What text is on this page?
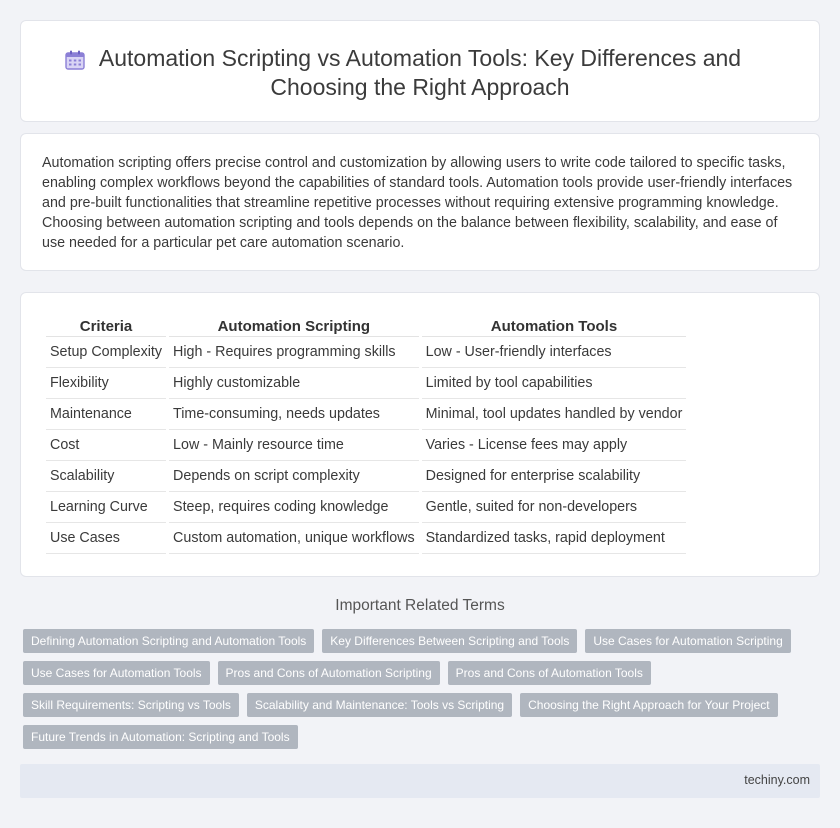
Automation Scripting vs Automation Tools: Key Differences and Choosing the Right Approach

Automation scripting offers precise control and customization by allowing users to write code tailored to specific tasks, enabling complex workflows beyond the capabilities of standard tools. Automation tools provide user-friendly interfaces and pre-built functionalities that streamline repetitive processes without requiring extensive programming knowledge. Choosing between automation scripting and tools depends on the balance between flexibility, scalability, and ease of use needed for a particular pet care automation scenario.

Criteria	Automation Scripting	Automation Tools
Setup Complexity	High - Requires programming skills	Low - User-friendly interfaces
Flexibility	Highly customizable	Limited by tool capabilities
Maintenance	Time-consuming, needs updates	Minimal, tool updates handled by vendor
Cost	Low - Mainly resource time	Varies - License fees may apply
Scalability	Depends on script complexity	Designed for enterprise scalability
Learning Curve	Steep, requires coding knowledge	Gentle, suited for non-developers
Use Cases	Custom automation, unique workflows	Standardized tasks, rapid deployment
Important Related Terms
Defining Automation Scripting and Automation Tools	Key Differences Between Scripting and Tools	Use Cases for Automation Scripting
Use Cases for Automation Tools	Pros and Cons of Automation Scripting	Pros and Cons of Automation Tools
Skill Requirements: Scripting vs Tools	Scalability and Maintenance: Tools vs Scripting	Choosing the Right Approach for Your Project
Future Trends in Automation: Scripting and Tools
techiny.com
